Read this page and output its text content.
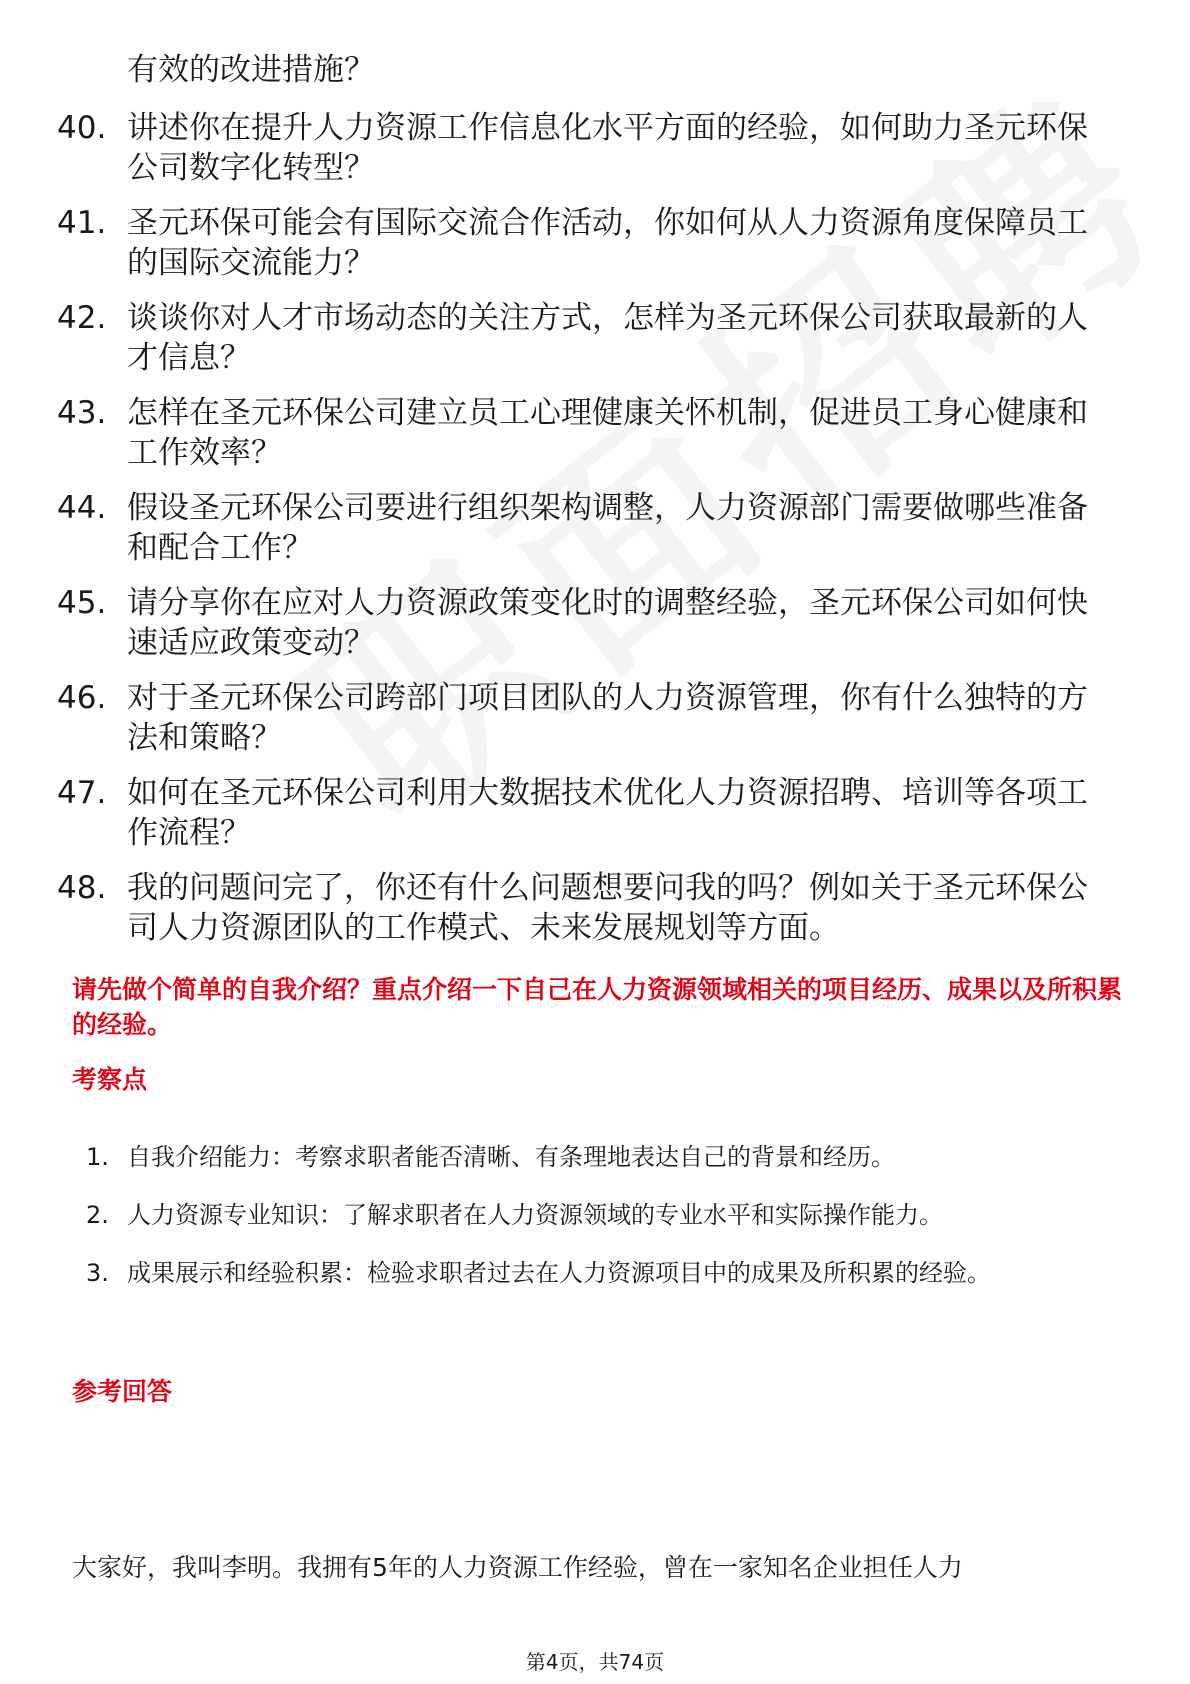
有效的改进措施？
40. 讲述你在提升人力资源工作信息化水平方面的经验，如何助力圣元环保公司数字化转型？
41. 圣元环保可能会有国际交流合作活动，你如何从人力资源角度保障员工的国际交流能力？
42. 谈谈你对人才市场动态的关注方式，怎样为圣元环保公司获取最新的人才信息？
43. 怎样在圣元环保公司建立员工心理健康关怀机制，促进员工身心健康和工作效率？
44. 假设圣元环保公司要进行组织架构调整，人力资源部门需要做哪些准备和配合工作？
45. 请分享你在应对人力资源政策变化时的调整经验，圣元环保公司如何快速适应政策变动？
46. 对于圣元环保公司跨部门项目团队的人力资源管理，你有什么独特的方法和策略？
47. 如何在圣元环保公司利用大数据技术优化人力资源招聘、培训等各项工作流程？
48. 我的问题问完了，你还有什么问题想要问我的吗？例如关于圣元环保公司人力资源团队的工作模式、未来发展规划等方面。
请先做个简单的自我介绍？重点介绍一下自己在人力资源领域相关的项目经历、成果以及所积累的经验。
考察点
1. 自我介绍能力：考察求职者能否清晰、有条理地表达自己的背景和经历。
2. 人力资源专业知识：了解求职者在人力资源领域的专业水平和实际操作能力。
3. 成果展示和经验积累：检验求职者过去在人力资源项目中的成果及所积累的经验。
参考回答
大家好，我叫李明。我拥有5年的人力资源工作经验，曾在一家知名企业担任人力
第4页，共74页
